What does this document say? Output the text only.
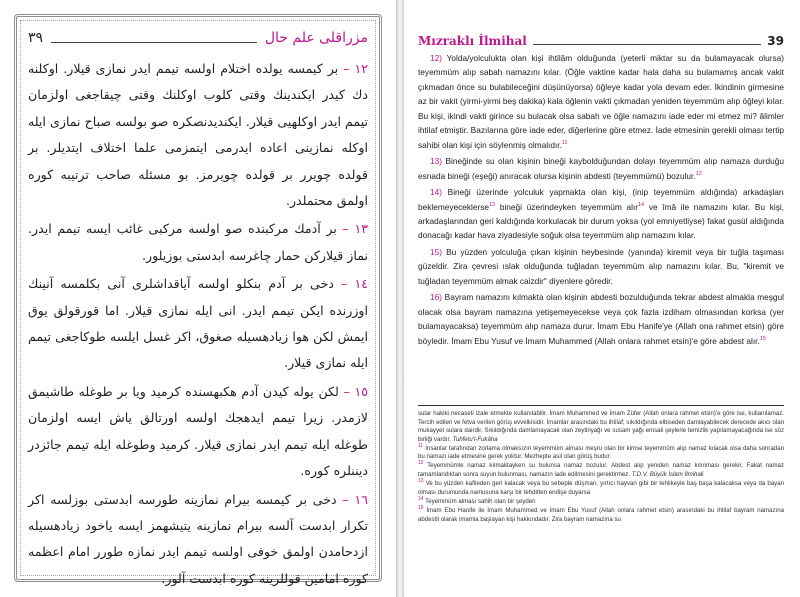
مزراقلی علم حال
٣٩

١٢ – بر كيمسه يولده اختلام اولسه تيمم ايدر نمازى قيلار. اوكلنه دك كيدر ايكندينك وقتى كلوب اوكلنك وقتى چيقاجغى اولزمان تيمم ايدر اوكلهيى قيلار. ايكنديدنصكره صو بولسه صباح نمازى ايله اوكله نمازينى اعاده ايدرمى ايتمزمى علما اختلاف ايتديلر. بر قولده چويرر بر قولده چويرمز. بو مسئله صاحب ترتيبه كوره اولمق محتملدر.

١٣ – بر آدمك مركبنده صو اولسه مركبى غائب ايسه تيمم ايدر. نماز قيلاركن حمار چاغرسه ابدستى بوزيلور.

١٤ – دخى بر آدم بنكلو اولسه آياقداشلرى آنى بكلمسه آنينك اوزرنده ايكن تيمم ايدر. انى ايله نمازى قيلار. اما قورقولق يوق ايمش لكن هوا زيادهسيله صغوق، اكر غسل ايلسه طوكاجغى تيمم ايله نمازى قيلار.

١٥ – لكن يوله كيدن آدم هكبهسنده كرميد ويا بر طوغله طاشيمق لازمدر. زيرا تيمم ايدهجك اولسه اورتالق ياش ايسه اولزمان طوغله ايله تيمم ايدر نمازى قيلار. كرميد وطوغله ايله تيمم جائزدر ديننلره كوره.

١٦ – دخى بر كيمسه بيرام نمازينه طورسه ابدستى بوزلسه اكر تكرار ابدست آلسه بيرام نمازينه يتيشهمز ايسه ياخود زيادهسيله ازدحامدن اولمق خوفى اولسه تيمم ايدر نمازه طورر امام اعظمه كوره امامين قوللرينه كوره ابدست آلور.

Mızraklı İlmihal	39

12) Yolda/yolculukta olan kişi ihtilâm olduğunda (yeterli miktar su da bulamayacak olursa) teyemmüm alıp sabah namazını kılar. (Öğle vaktine kadar hala daha su bulamamış ancak vakit çıkmadan önce su bulabileceğini düşünüyorsa) öğleye kadar yola devam eder. İkindinin girmesine az bir vakit (yirmi-yirmi beş dakika) kala öğlenin vakti çıkmadan yeniden teyemmüm alıp öğleyi kılar. Bu kişi, ikindi vakti girince su bulacak olsa sabah ve öğle namazını iade eder mi etmez mi? âlimler ihtilaf etmiştir. Bazılarına göre iade eder, diğerlerine göre etmez. İade etmesinin gerekli olması tertip sahibi olan kişi için söylenmiş olmalıdır.$^{11}$

13) Bineğinde su olan kişinin bineği kaybolduğundan dolayı teyemmüm alıp namaza durduğu esnada bineği (eşeği) anıracak olursa kişinin abdesti (teyemmümü) bozulur.$^{12}$

14) Bineği üzerinde yolculuk yapmakta olan kişi, (inip teyemmüm aldığında) arkadaşları beklemeyeceklerse$^{13}$ bineği üzerindeyken teyemmüm alır$^{14}$ ve îmâ ile namazını kılar. Bu kişi, arkadaşlarından geri kaldığında korkulacak bir durum yoksa (yol emniyetliyse) fakat gusül aldığında donacağı kadar hava ziyadesiyle soğuk olsa teyemmüm alıp namazını kılar.

15) Bu yüzden yolculuğa çıkan kişinin heybesinde (yanında) kiremit veya bir tuğla taşıması güzeldir. Zira çevresi ıslak olduğunda tuğladan teyemmüm alıp namazını kılar. Bu, "kiremit ve tuğladan teyemmüm almak caizdir" diyenlere göredir.

16) Bayram namazını kılmakta olan kişinin abdesti bozulduğunda tekrar abdest almakla meşgul olacak olsa bayram namazına yetişemeyecekse veya çok fazla izdiham olmasından korksa (yer bulamayacaksa) teyemmüm alıp namaza durur. İmam Ebu Hanife'ye (Allah ona rahmet etsin) göre böyledir. İmam Ebu Yusuf ve İmam Muhammed (Allah onlara rahmet etsin)'e göre abdest alır.$^{15}$

sular hakiki necaseti izale etmekte kullanılabilir. İmam Muhammed ve İmam Züfer (Allah onlara rahmet etsin)'e göre ise, kullanılamaz. Tercih edilen ve fetva verilen görüş evvelkisidir. İmamlar arasındaki bu ihtilaf; sıkıldığında elbiseden damlayabilecek derecede akıcı olan mukayyet sulara dairdir. Sıkıldığında damlamayacak olan zeytinyağı ve susam yağı emsali şeylerle temizlik yapılamayacağında ise söz birliği vardır. Tuhfetu'l-Fukâha

$^{11}$ İnsanlar tarafından zorlama olmaksızın teyemmüm alması meşru olan bir kimse teyemmüm alıp namaz kılacak olsa daha sonradan bu namazı iade etmesine gerek yoktur. Mezhepte asıl olan görüş budur.

$^{12}$ Teyemmümle namaz kılmaktayken su bulunsa namaz bozulur. Abdest alıp yeniden namaz kılınması gerekir. Fakat namaz tamamlandıktan sonra suyun bulunması, namazın iade edilmesini gerektirmez. T.D.V. Büyük İslam İlmihali

$^{13}$ Ve bu yüzden kafileden geri kalacak veya bu sebeple düşman, yırtıcı hayvan gibi bir tehlikeyle baş başa kalacaksa veya da bayan olması durumunda namusuna karşı bir tehditten endişe duyarsa

$^{14}$ Teyemmüm alması sahih olan bir şeyden

$^{15}$ İmam Ebu Hanife ile İmam Muhammed ve İmam Ebu Yusuf (Allah onlara rahmet etsin) arasındaki bu ihtilaf bayram namazına abdestli olarak imamla başlayan kişi hakkındadır. Zira bayram namazına su
